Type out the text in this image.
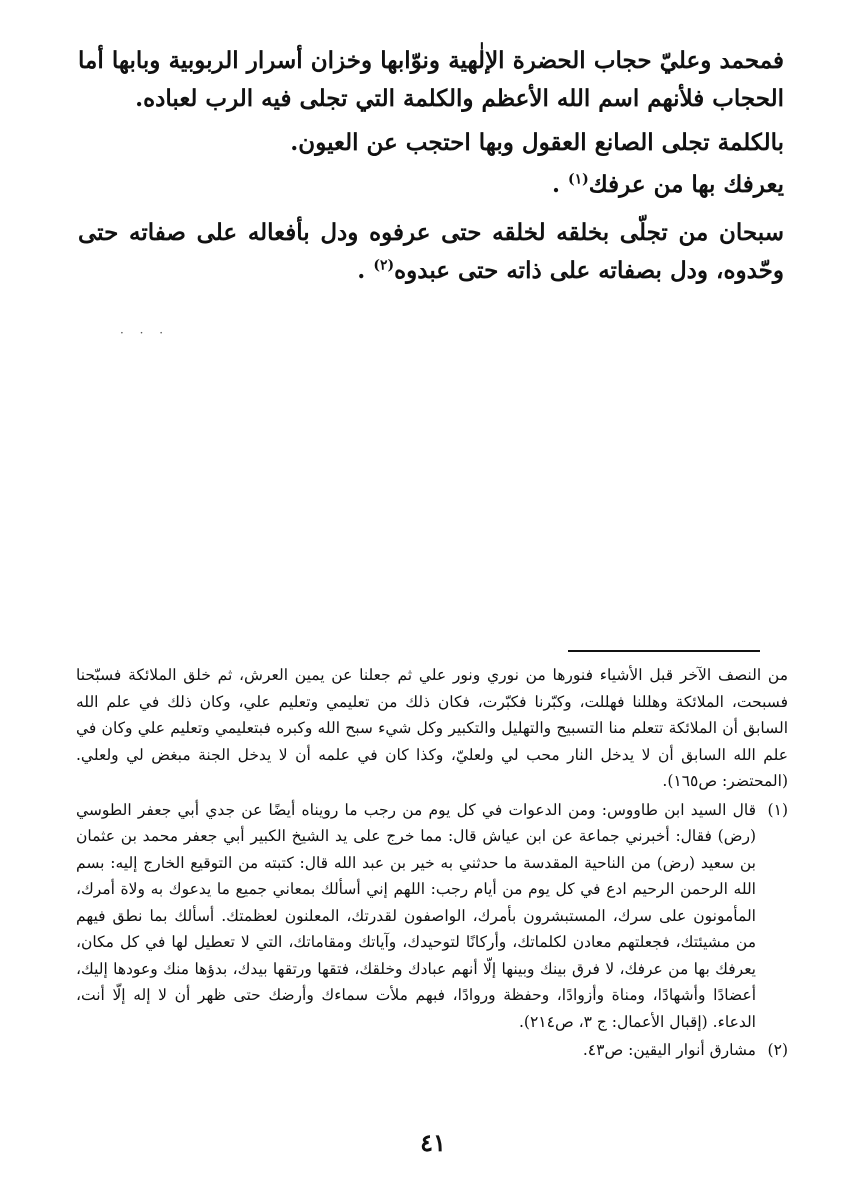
فمحمد وعليّ حجاب الحضرة الإلٰهية ونوّابها وخزان أسرار الربوبية وبابها أما الحجاب فلأنهم اسم الله الأعظم والكلمة التي تجلى فيه الرب لعباده.

بالكلمة تجلى الصانع العقول وبها احتجب عن العيون.

يعرفك بها من عرفك$^{(١)}$ .

سبحان من تجلّى بخلقه لخلقه حتى عرفوه ودل بأفعاله على صفاته حتى وحّدوه، ودل بصفاته على ذاته حتى عبدوه$^{(٢)}$ .

· · ·

من النصف الآخر قبل الأشياء فنورها من نوري ونور علي ثم جعلنا عن يمين العرش، ثم خلق الملائكة فسبّحنا فسبحت، الملائكة وهللنا فهللت، وكبّرنا فكبّرت، فكان ذلك من تعليمي وتعليم علي، وكان ذلك في علم الله السابق أن الملائكة تتعلم منا التسبيح والتهليل والتكبير وكل شيء سبح الله وكبره فبتعليمي وتعليم علي وكان في علم الله السابق أن لا يدخل النار محب لي ولعليّ، وكذا كان في علمه أن لا يدخل الجنة مبغض لي ولعلي. (المحتضر: ص١٦٥).

(١)
قال السيد ابن طاووس: ومن الدعوات في كل يوم من رجب ما رويناه أيضًا عن جدي أبي جعفر الطوسي (رض) فقال: أخبرني جماعة عن ابن عياش قال: مما خرج على يد الشيخ الكبير أبي جعفر محمد بن عثمان بن سعيد (رض) من الناحية المقدسة ما حدثني به خير بن عبد الله قال: كتبته من التوقيع الخارج إليه: بسم الله الرحمن الرحيم ادع في كل يوم من أيام رجب: اللهم إني أسألك بمعاني جميع ما يدعوك به ولاة أمرك، المأمونون على سرك، المستبشرون بأمرك، الواصفون لقدرتك، المعلنون لعظمتك. أسألك بما نطق فيهم من مشيئتك، فجعلتهم معادن لكلماتك، وأركانًا لتوحيدك، وآياتك ومقاماتك، التي لا تعطيل لها في كل مكان، يعرفك بها من عرفك، لا فرق بينك وبينها إلّا أنهم عبادك وخلقك، فتقها ورتقها بيدك، بدؤها منك وعودها إليك، أعضادًا وأشهادًا، ومناة وأزوادًا، وحفظة وروادًا، فبهم ملأت سماءك وأرضك حتى ظهر أن لا إله إلّا أنت، الدعاء. (إقبال الأعمال: ج ٣، ص٢١٤).

(٢)
مشارق أنوار اليقين: ص٤٣.

٤١
